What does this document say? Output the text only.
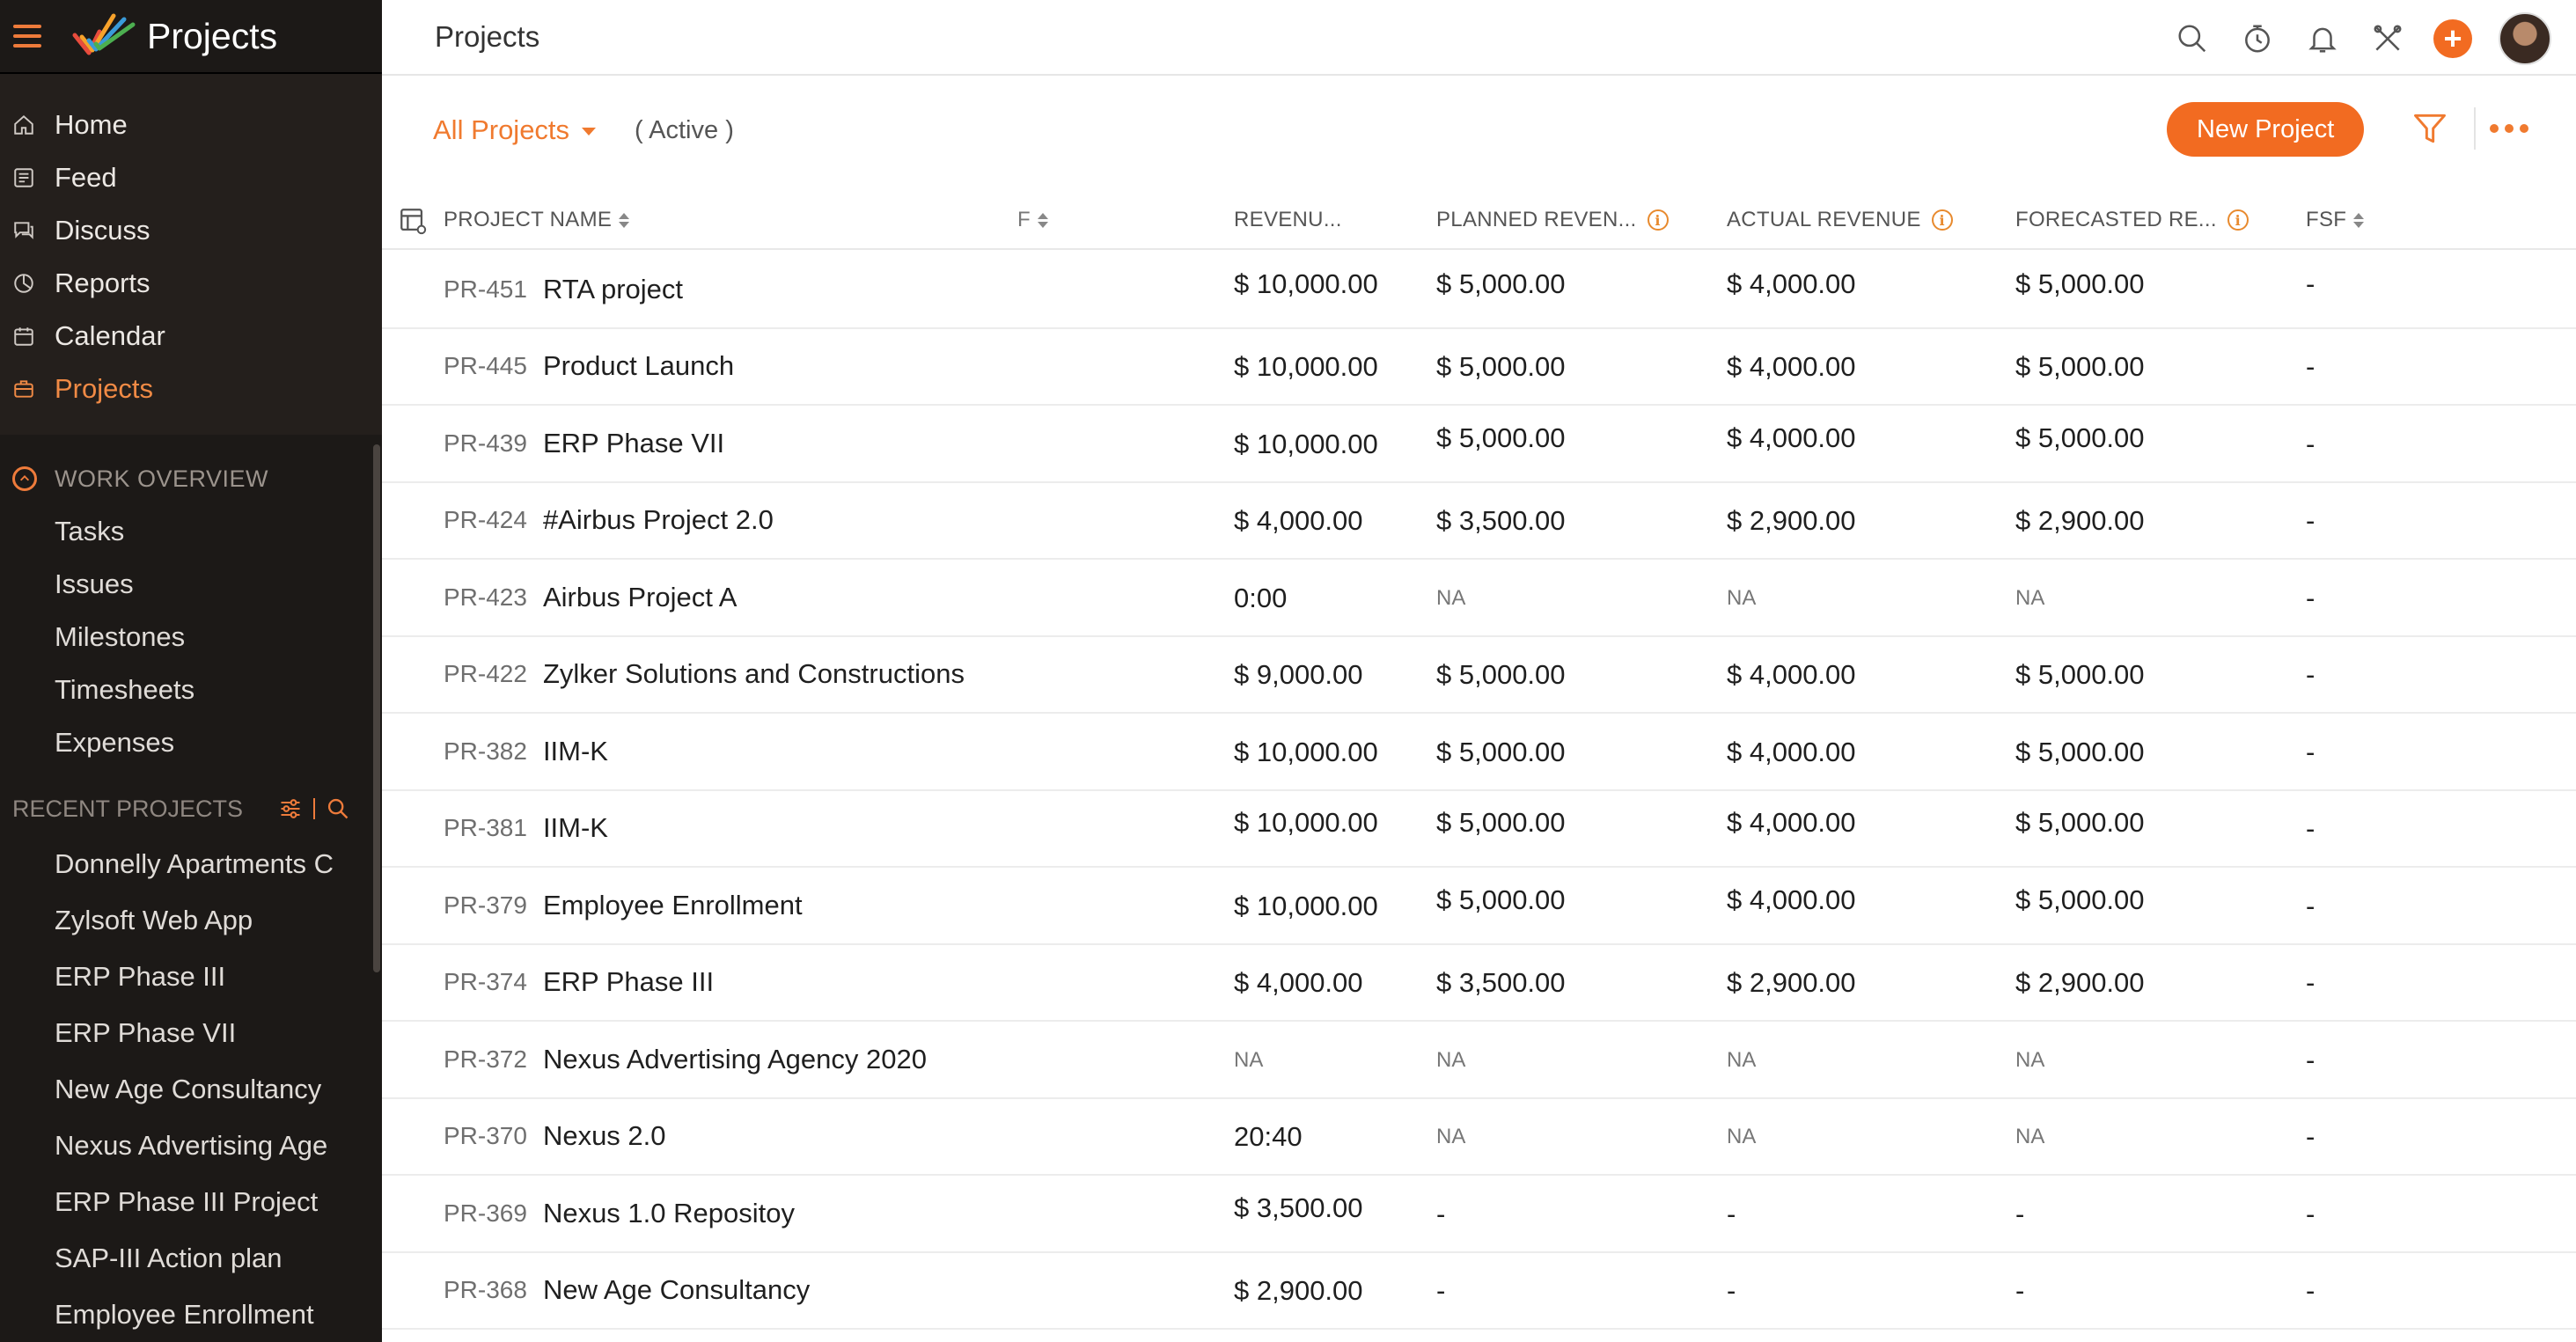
Projects
Home
Feed
Discuss
Reports
Calendar
Projects
WORK OVERVIEW
Tasks
Issues
Milestones
Timesheets
Expenses
RECENT PROJECTS
Donnelly Apartments C
Zylsoft Web App
ERP Phase III
ERP Phase VII
New Age Consultancy
Nexus Advertising Age
ERP Phase III Project
SAP-III Action plan
Employee Enrollment
Projects	+
All Projects	( Active )	New Project
PROJECT NAME	F	REVENU...	PLANNED REVEN...	i	ACTUAL REVENUE	i	FORECASTED RE...	i	FSF
PR-451 RTA project	$ 10,000.00 $ 5,000.00	$ 4,000.00	$ 5,000.00	-
PR-445 Product Launch	$ 10,000.00 $ 5,000.00	$ 4,000.00	$ 5,000.00	-
PR-439 ERP Phase VII	$ 10,000.00 $ 5,000.00	$ 4,000.00	$ 5,000.00	-
PR-424 #Airbus Project 2.0	$ 4,000.00	$ 3,500.00	$ 2,900.00	$ 2,900.00	-
PR-423 Airbus Project A	0:00	NA	NA	NA	-
PR-422 Zylker Solutions and Constructions	$ 9,000.00	$ 5,000.00	$ 4,000.00	$ 5,000.00	-
PR-382 IIM-K	$ 10,000.00 $ 5,000.00	$ 4,000.00	$ 5,000.00	-
PR-381 IIM-K	$ 10,000.00 $ 5,000.00	$ 4,000.00	$ 5,000.00	-
PR-379 Employee Enrollment	$ 10,000.00 $ 5,000.00	$ 4,000.00	$ 5,000.00	-
PR-374 ERP Phase III	$ 4,000.00	$ 3,500.00	$ 2,900.00	$ 2,900.00	-
PR-372 Nexus Advertising Agency 2020	NA	NA	NA	NA	-
PR-370 Nexus 2.0	20:40	NA	NA	NA	-
PR-369 Nexus 1.0 Repositoy	$ 3,500.00	-	-	-	-
PR-368 New Age Consultancy	$ 2,900.00	-	-	-	-
